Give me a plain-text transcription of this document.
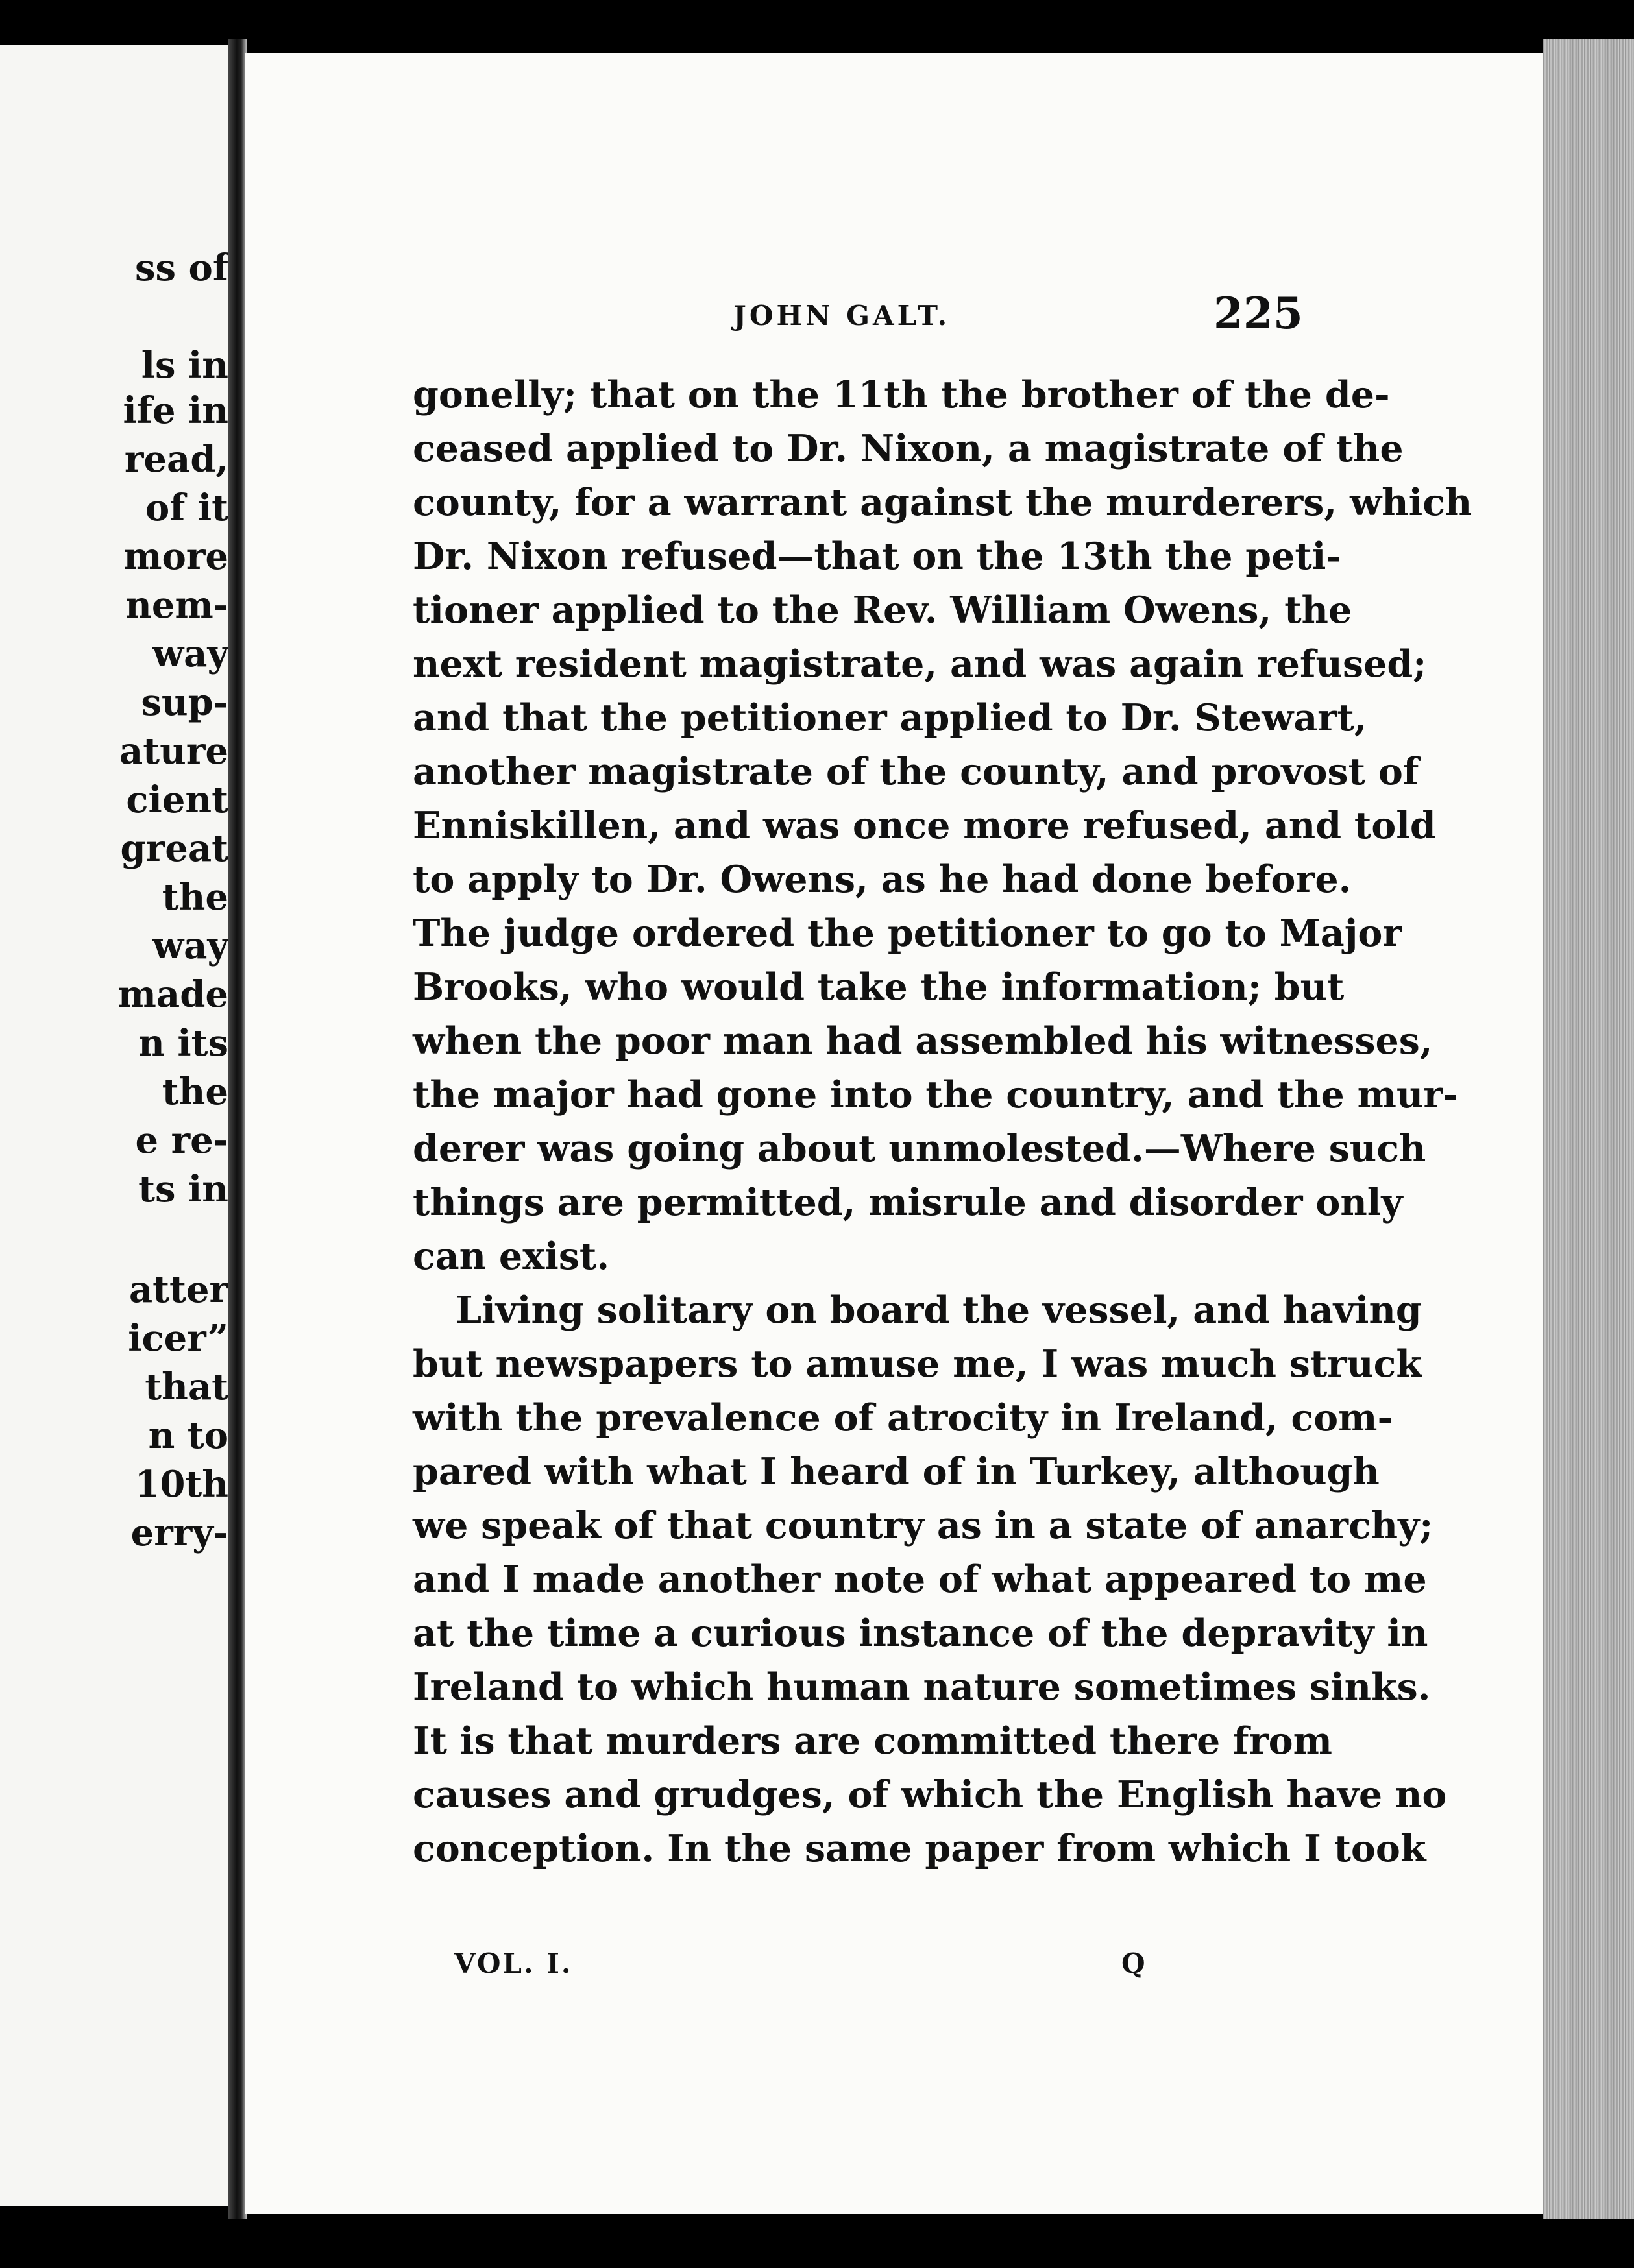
ss of

ls in

ife in

read,

of it

more

nem-

way

sup-

ature

cient

great

the

way

made

n its

the

e re-

ts in

atter

icer”

that

n to

10th

erry-

JOHN GALT.	225

gonelly; that on the 11th the brother of the de-

ceased applied to Dr. Nixon, a magistrate of the

county, for a warrant against the murderers, which

Dr. Nixon refused—that on the 13th the peti-

tioner applied to the Rev. William Owens, the

next resident magistrate, and was again refused;

and that the petitioner applied to Dr. Stewart,

another magistrate of the county, and provost of

Enniskillen, and was once more refused, and told

to apply to Dr. Owens, as he had done before.

The judge ordered the petitioner to go to Major

Brooks, who would take the information; but

when the poor man had assembled his witnesses,

the major had gone into the country, and the mur-

derer was going about unmolested.—Where such

things are permitted, misrule and disorder only

can exist.

Living solitary on board the vessel, and having

but newspapers to amuse me, I was much struck

with the prevalence of atrocity in Ireland, com-

pared with what I heard of in Turkey, although

we speak of that country as in a state of anarchy;

and I made another note of what appeared to me

at the time a curious instance of the depravity in

Ireland to which human nature sometimes sinks.

It is that murders are committed there from

causes and grudges, of which the English have no

conception. In the same paper from which I took

VOL. I.	Q
